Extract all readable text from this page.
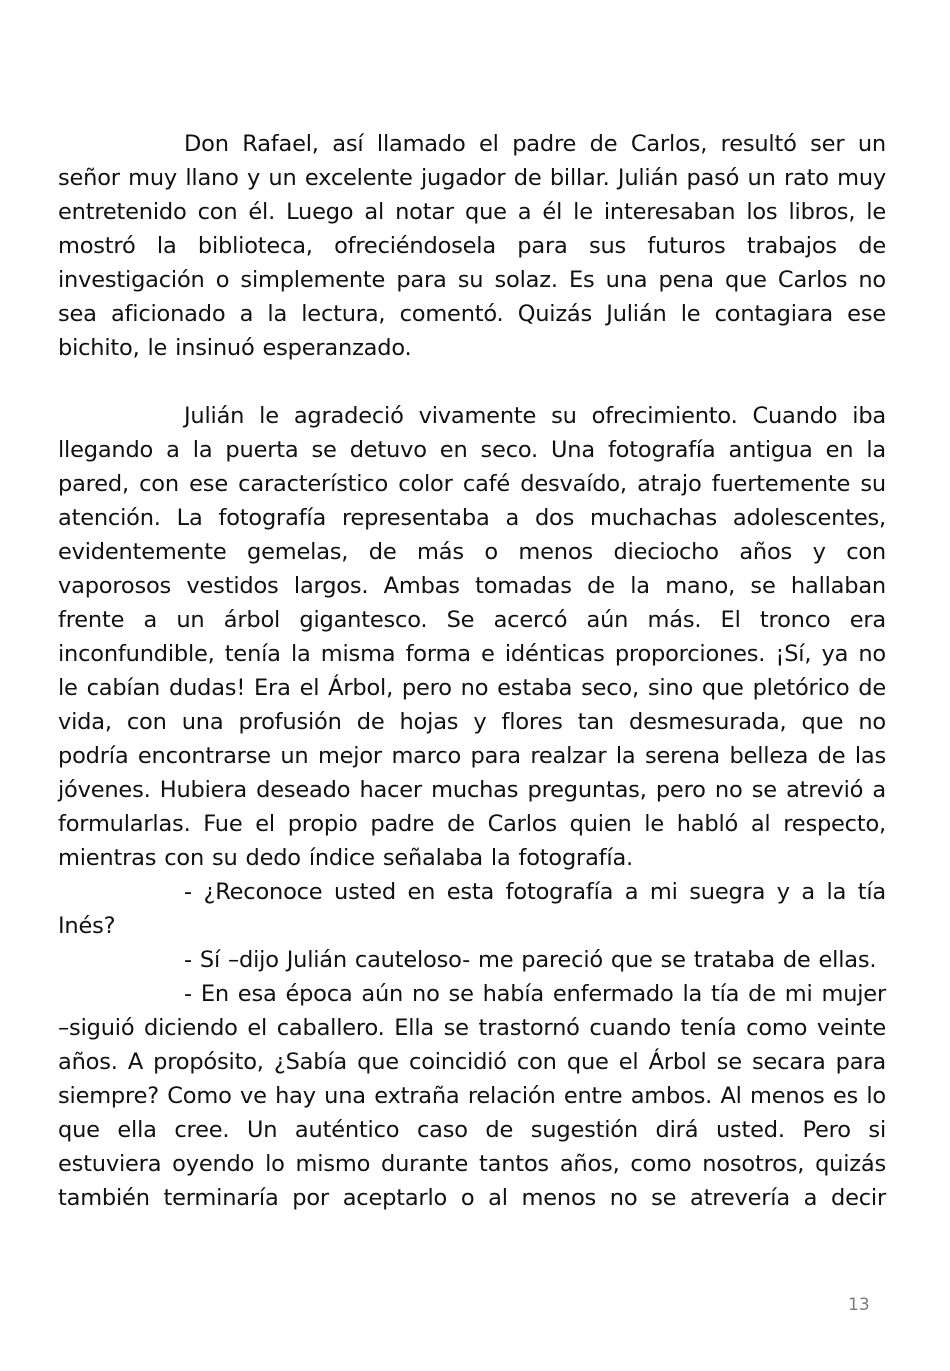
Don Rafael, así llamado el padre de Carlos, resultó ser un señor muy llano y un excelente jugador de billar. Julián pasó un rato muy entretenido con él. Luego al notar que a él le interesaban los libros, le mostró la biblioteca, ofreciéndosela para sus futuros trabajos de investigación o simplemente para su solaz. Es una pena que Carlos no sea aficionado a la lectura, comentó. Quizás Julián le contagiara ese bichito, le insinuó esperanzado.

Julián le agradeció vivamente su ofrecimiento. Cuando iba llegando a la puerta se detuvo en seco. Una fotografía antigua en la pared, con ese característico color café desvaído, atrajo fuertemente su atención. La fotografía representaba a dos muchachas adolescentes, evidentemente gemelas, de más o menos dieciocho años y con vaporosos vestidos largos. Ambas tomadas de la mano, se hallaban frente a un árbol gigantesco. Se acercó aún más. El tronco era inconfundible, tenía la misma forma e idénticas proporciones. ¡Sí, ya no le cabían dudas! Era el Árbol, pero no estaba seco, sino que pletórico de vida, con una profusión de hojas y flores tan desmesurada, que no podría encontrarse un mejor marco para realzar la serena belleza de las jóvenes. Hubiera deseado hacer muchas preguntas, pero no se atrevió a formularlas. Fue el propio padre de Carlos quien le habló al respecto, mientras con su dedo índice señalaba la fotografía.

- ¿Reconoce usted en esta fotografía a mi suegra y a la tía Inés?

- Sí –dijo Julián cauteloso- me pareció que se trataba de ellas.

- En esa época aún no se había enfermado la tía de mi mujer –siguió diciendo el caballero. Ella se trastornó cuando tenía como veinte años. A propósito, ¿Sabía que coincidió con que el Árbol se secara para siempre? Como ve hay una extraña relación entre ambos. Al menos es lo que ella cree. Un auténtico caso de sugestión dirá usted. Pero si estuviera oyendo lo mismo durante tantos años, como nosotros, quizás también terminaría por aceptarlo o al menos no se atrevería a decir

13
